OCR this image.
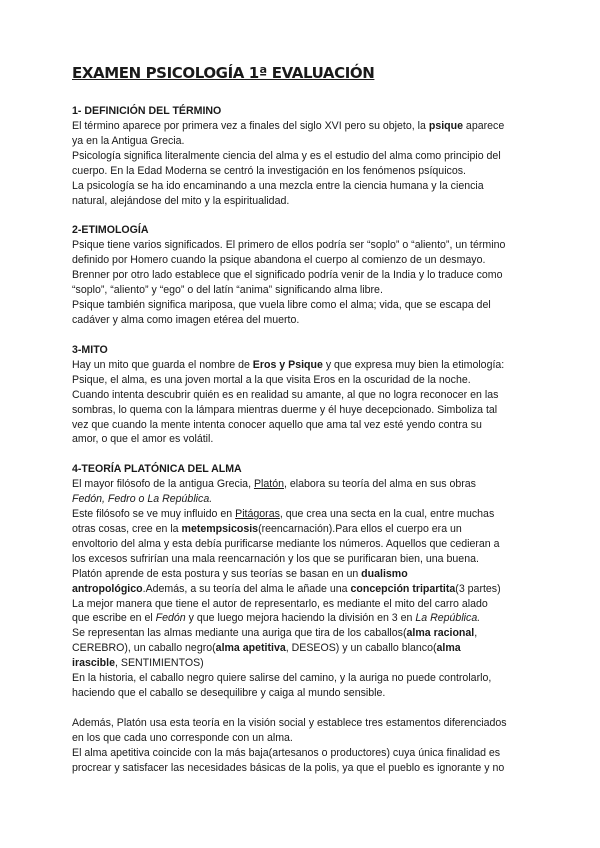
EXAMEN PSICOLOGÍA 1ª EVALUACIÓN
1- DEFINICIÓN DEL TÉRMINO
El término aparece por primera vez a finales del siglo XVI pero su objeto, la psique aparece
ya en la Antigua Grecia.
Psicología significa literalmente ciencia del alma y es el estudio del alma como principio del
cuerpo. En la Edad Moderna se centró la investigación en los fenómenos psíquicos.
La psicología se ha ido encaminando a una mezcla entre la ciencia humana y la ciencia
natural, alejándose del mito y la espiritualidad.
2-ETIMOLOGÍA
Psique tiene varios significados. El primero de ellos podría ser “soplo” o “aliento”, un término
definido por Homero cuando la psique abandona el cuerpo al comienzo de un desmayo.
Brenner por otro lado establece que el significado podría venir de la India y lo traduce como
“soplo”, “aliento” y “ego” o del latín “anima” significando alma libre.
Psique también significa mariposa, que vuela libre como el alma; vida, que se escapa del
cadáver y alma como imagen etérea del muerto.
3-MITO
Hay un mito que guarda el nombre de Eros y Psique y que expresa muy bien la etimología:
Psique, el alma, es una joven mortal a la que visita Eros en la oscuridad de la noche.
Cuando intenta descubrir quién es en realidad su amante, al que no logra reconocer en las
sombras, lo quema con la lámpara mientras duerme y él huye decepcionado. Simboliza tal
vez que cuando la mente intenta conocer aquello que ama tal vez esté yendo contra su
amor, o que el amor es volátil.
4-TEORÍA PLATÓNICA DEL ALMA
El mayor filósofo de la antigua Grecia, Platón, elabora su teoría del alma en sus obras
Fedón, Fedro o La República.
Este filósofo se ve muy influido en Pitágoras, que crea una secta en la cual, entre muchas
otras cosas, cree en la metempsicosis(reencarnación).Para ellos el cuerpo era un
envoltorio del alma y esta debía purificarse mediante los números. Aquellos que cedieran a
los excesos sufrirían una mala reencarnación y los que se purificaran bien, una buena.
Platón aprende de esta postura y sus teorías se basan en un dualismo
antropológico.Además, a su teoría del alma le añade una concepción tripartita(3 partes)
La mejor manera que tiene el autor de representarlo, es mediante el mito del carro alado
que escribe en el Fedón y que luego mejora haciendo la división en 3 en La República.
Se representan las almas mediante una auriga que tira de los caballos(alma racional,
CEREBRO), un caballo negro(alma apetitiva, DESEOS) y un caballo blanco(alma
irascible, SENTIMIENTOS)
En la historia, el caballo negro quiere salirse del camino, y la auriga no puede controlarlo,
haciendo que el caballo se desequilibre y caiga al mundo sensible.
Además, Platón usa esta teoría en la visión social y establece tres estamentos diferenciados
en los que cada uno corresponde con un alma.
El alma apetitiva coincide con la más baja(artesanos o productores) cuya única finalidad es
procrear y satisfacer las necesidades básicas de la polis, ya que el pueblo es ignorante y no
